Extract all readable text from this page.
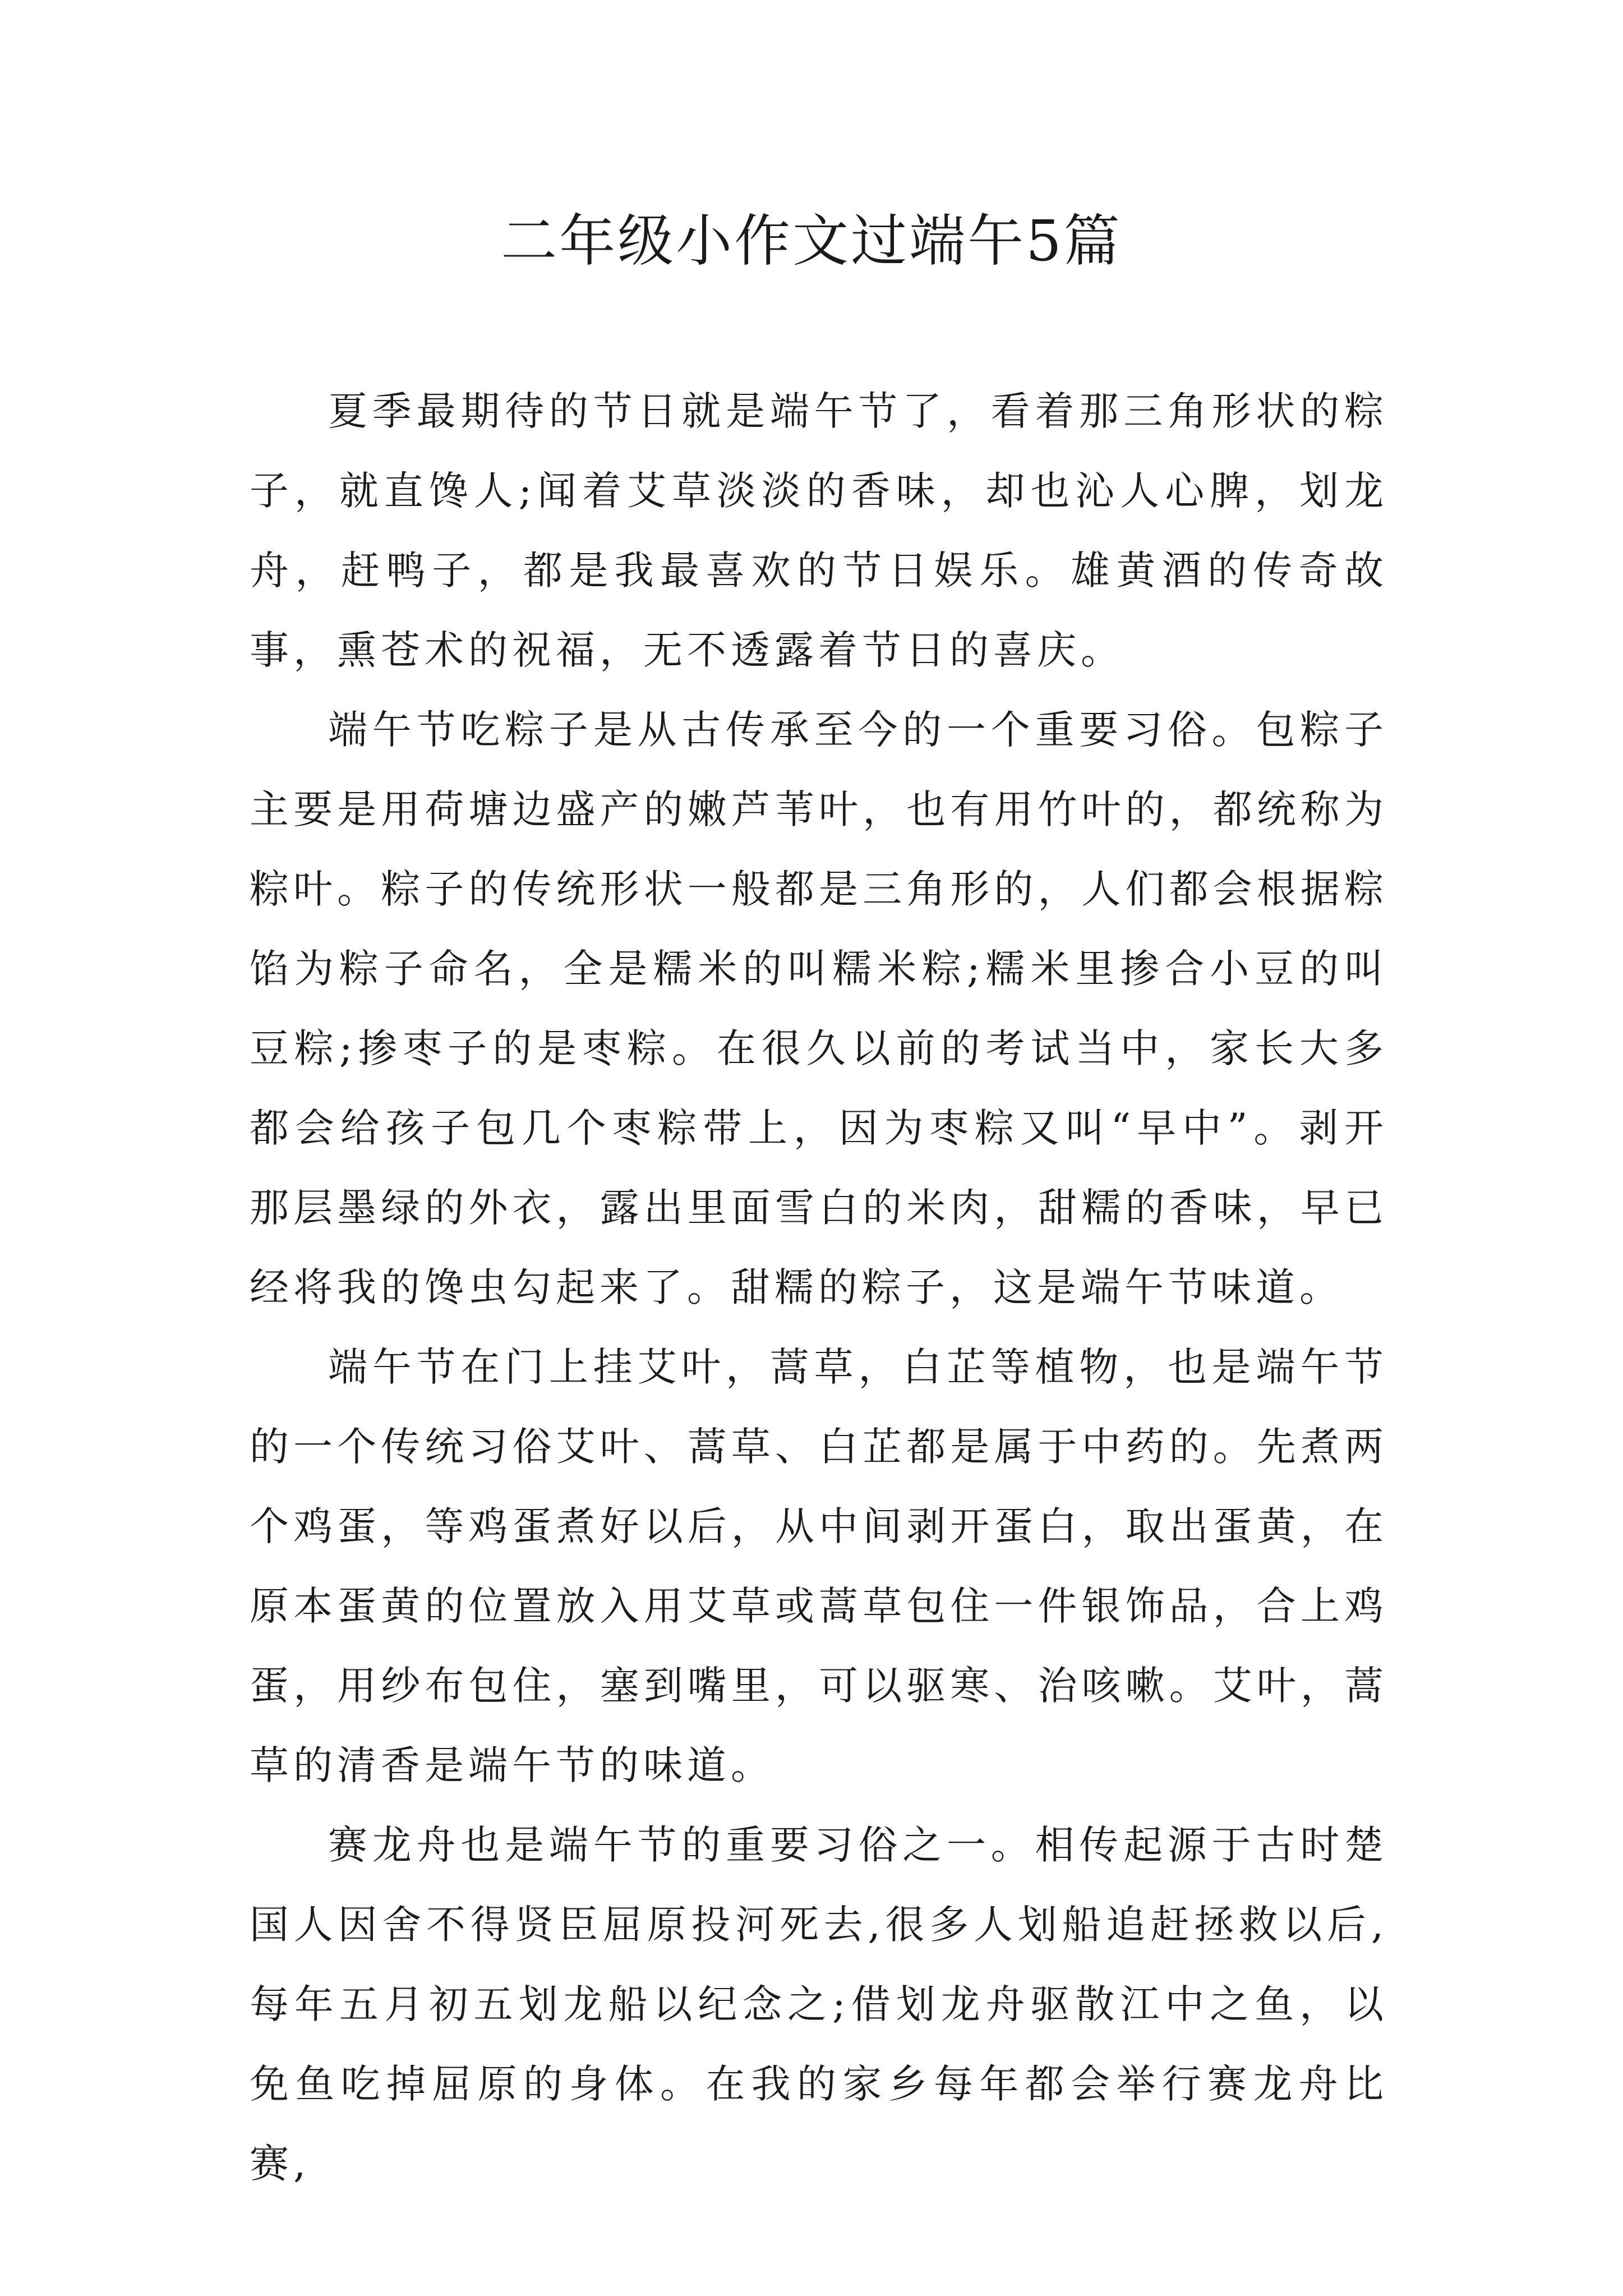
二年级小作文过端午5篇

夏季最期待的节日就是端午节了，看着那三角形状的粽子，就直馋人;闻着艾草淡淡的香味，却也沁人心脾，划龙舟，赶鸭子，都是我最喜欢的节日娱乐。雄黄酒的传奇故事，熏苍术的祝福，无不透露着节日的喜庆。

端午节吃粽子是从古传承至今的一个重要习俗。包粽子主要是用荷塘边盛产的嫩芦苇叶，也有用竹叶的，都统称为粽叶。粽子的传统形状一般都是三角形的，人们都会根据粽馅为粽子命名，全是糯米的叫糯米粽;糯米里掺合小豆的叫豆粽;掺枣子的是枣粽。在很久以前的考试当中，家长大多都会给孩子包几个枣粽带上，因为枣粽又叫“早中”。剥开那层墨绿的外衣，露出里面雪白的米肉，甜糯的香味，早已经将我的馋虫勾起来了。甜糯的粽子，这是端午节味道。

端午节在门上挂艾叶，蒿草，白芷等植物，也是端午节的一个传统习俗艾叶、蒿草、白芷都是属于中药的。先煮两个鸡蛋，等鸡蛋煮好以后，从中间剥开蛋白，取出蛋黄，在原本蛋黄的位置放入用艾草或蒿草包住一件银饰品，合上鸡蛋，用纱布包住，塞到嘴里，可以驱寒、治咳嗽。艾叶，蒿草的清香是端午节的味道。

赛龙舟也是端午节的重要习俗之一。相传起源于古时楚国人因舍不得贤臣屈原投河死去,很多人划船追赶拯救以后,每年五月初五划龙船以纪念之;借划龙舟驱散江中之鱼，以免鱼吃掉屈原的身体。在我的家乡每年都会举行赛龙舟比赛,
